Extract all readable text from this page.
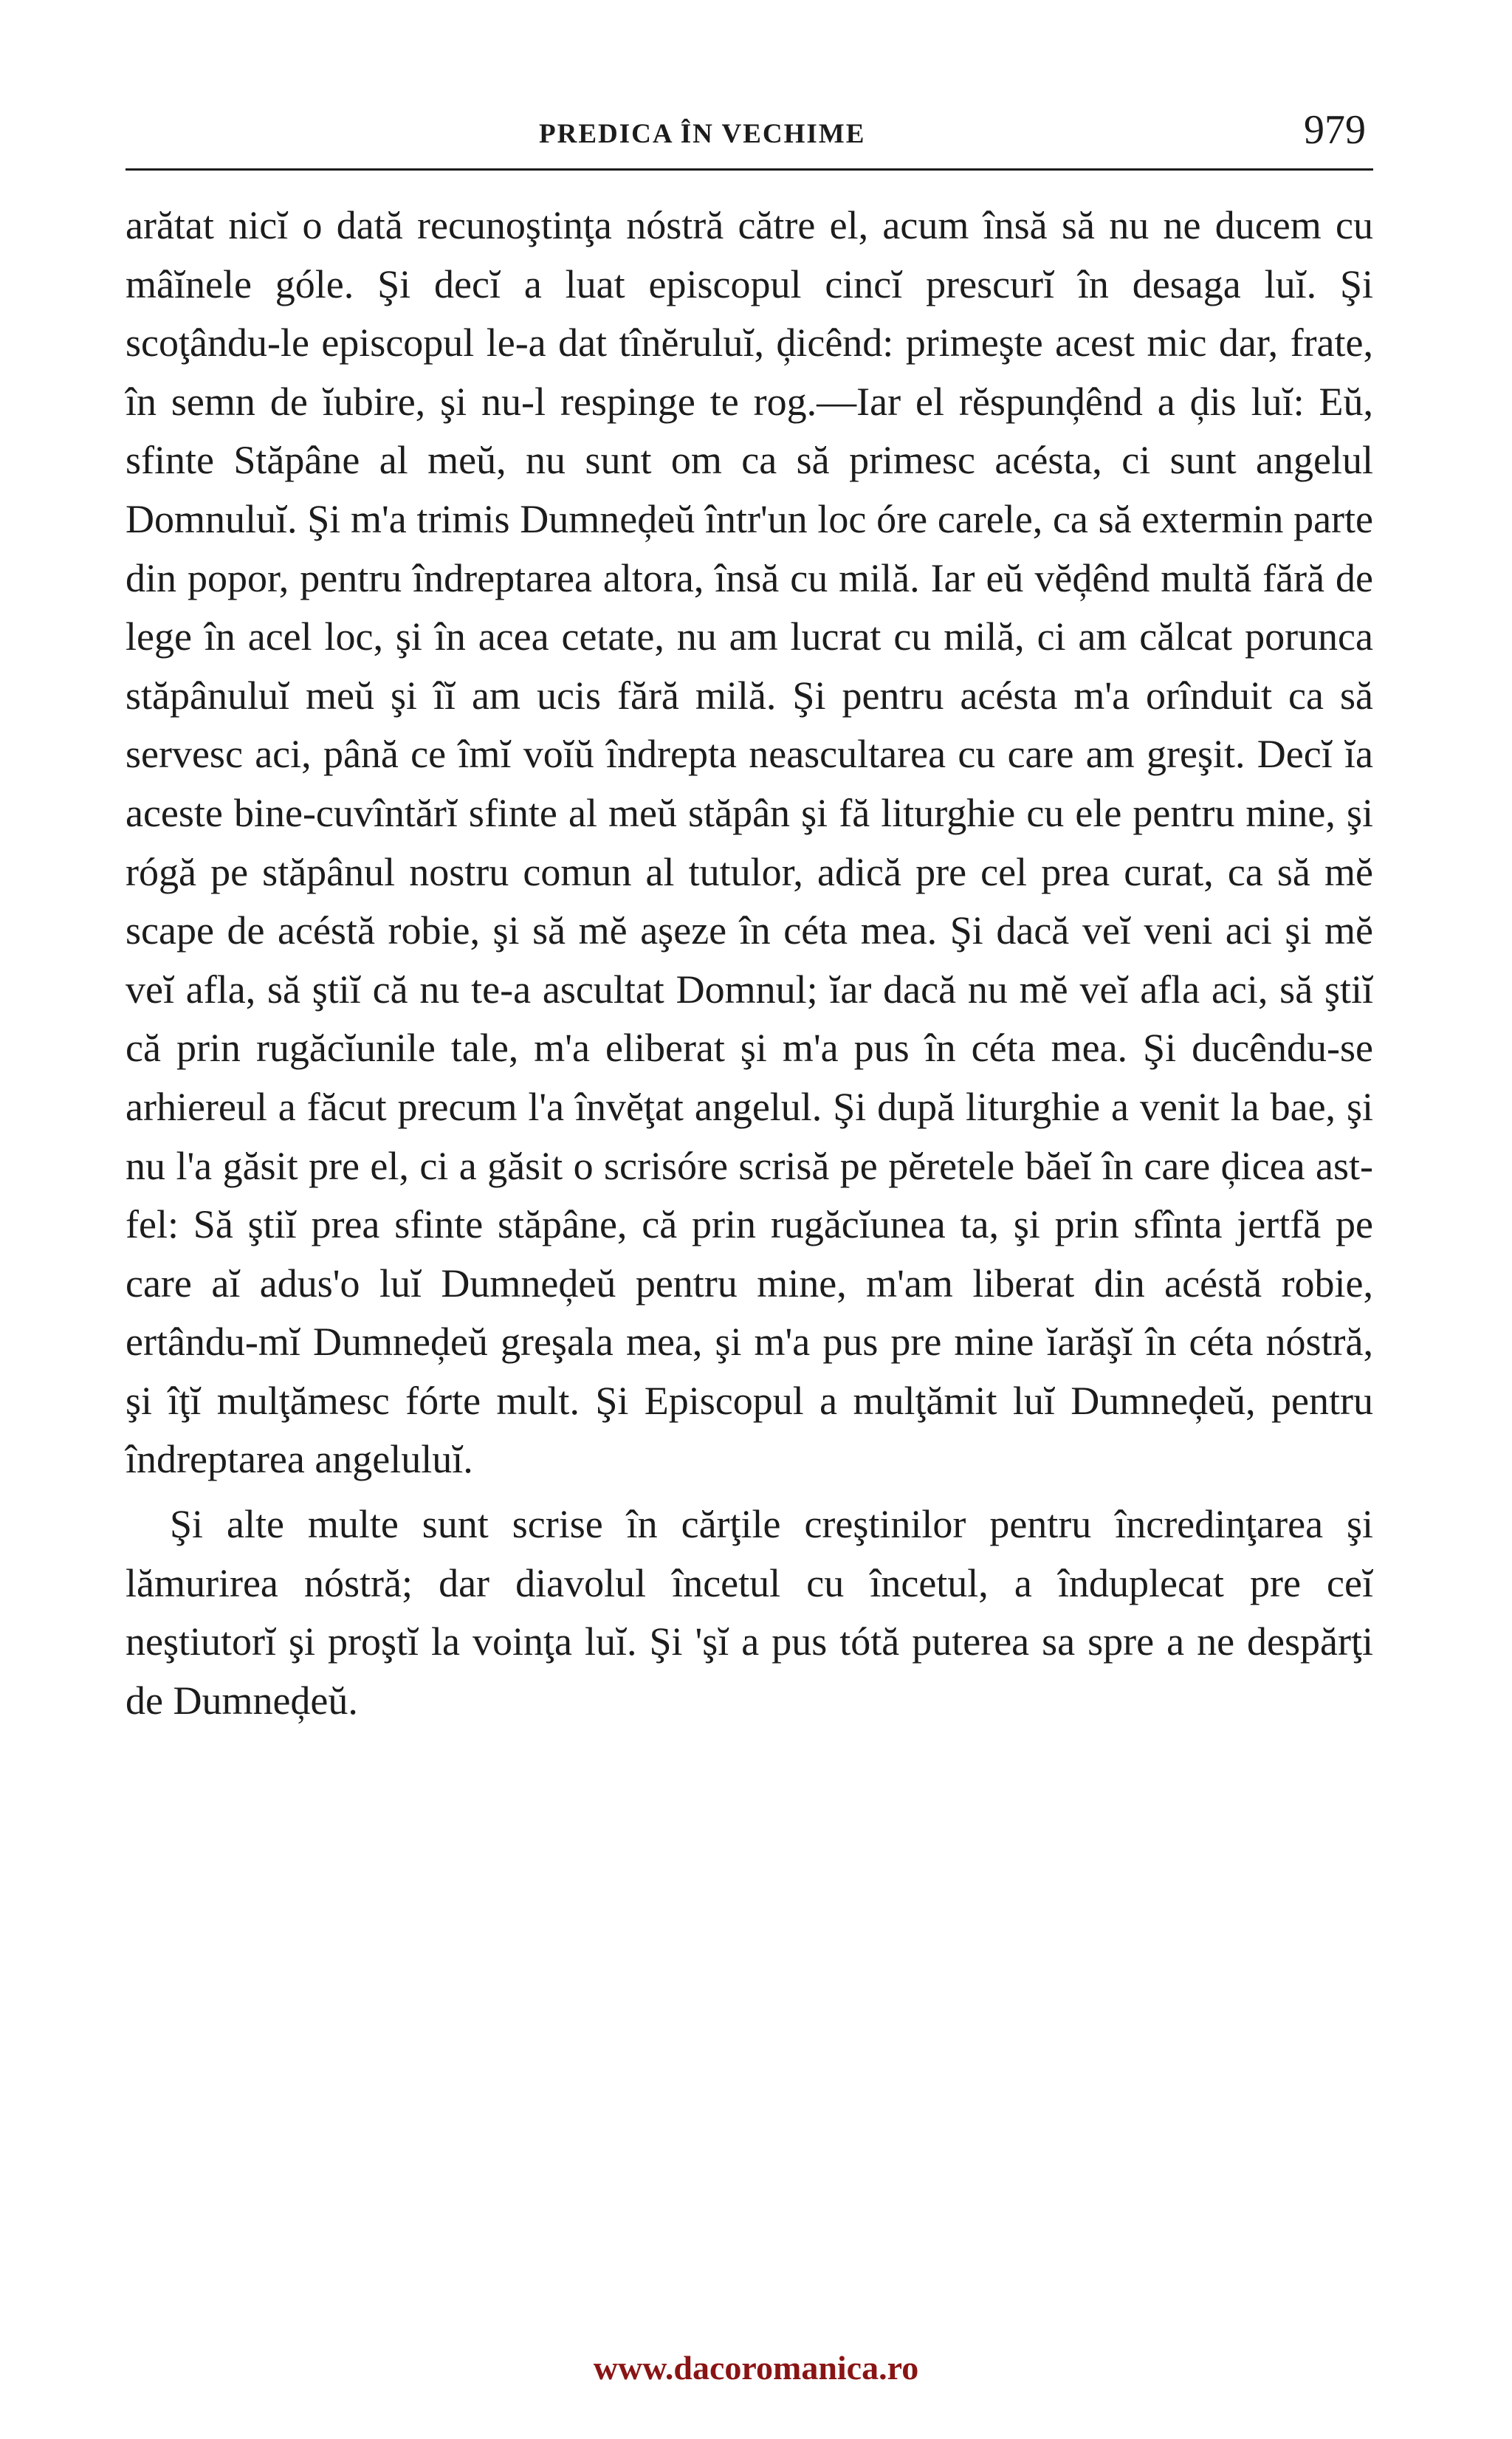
PREDICA ÎN VECHIME	979

arătat nicĭ o dată recunoştinţa nóstră către el, acum însă să nu ne ducem cu mâĭnele góle. Şi decĭ a luat episcopul cincĭ prescurĭ în desaga luĭ. Şi scoţându-le episcopul le-a dat tînĕruluĭ, ḑicênd: primeşte acest mic dar, frate, în semn de ĭubire, şi nu-l respinge te rog.—Iar el rĕspunḑênd a ḑis luĭ: Eŭ, sfinte Stăpâne al meŭ, nu sunt om ca să primesc acésta, ci sunt angelul Domnuluĭ. Şi m'a trimis Dumneḑeŭ într'un loc óre carele, ca să extermin parte din popor, pentru îndreptarea altora, însă cu milă. Iar eŭ vĕḑênd multă fără de lege în acel loc, şi în acea cetate, nu am lucrat cu milă, ci am călcat porunca stăpânuluĭ meŭ şi îĭ am ucis fără milă. Şi pentru acésta m'a orînduit ca să servesc aci, până ce îmĭ voĭŭ îndrepta neascultarea cu care am greşit. Decĭ ĭa aceste bine-cuvîntărĭ sfinte al meŭ stăpân şi fă liturghie cu ele pentru mine, şi rógă pe stăpânul nostru comun al tutulor, adică pre cel prea curat, ca să mĕ scape de acéstă robie, şi să mĕ aşeze în céta mea. Şi dacă veĭ veni aci şi mĕ veĭ afla, să ştiĭ că nu te-a ascultat Domnul; ĭar dacă nu mĕ veĭ afla aci, să ştiĭ că prin rugăcĭunile tale, m'a eliberat şi m'a pus în céta mea. Şi ducêndu-se arhiereul a făcut precum l'a învĕţat angelul. Şi după liturghie a venit la bae, şi nu l'a găsit pre el, ci a găsit o scrisóre scrisă pe pĕretele băeĭ în care ḑicea ast-fel: Să ştiĭ prea sfinte stăpâne, că prin rugăcĭunea ta, şi prin sfînta jertfă pe care aĭ adus'o luĭ Dumneḑeŭ pentru mine, m'am liberat din acéstă robie, ertându-mĭ Dumneḑeŭ greşala mea, şi m'a pus pre mine ĭarăşĭ în céta nóstră, şi îţĭ mulţămesc fórte mult. Şi Episcopul a mulţămit luĭ Dumneḑeŭ, pentru îndreptarea angeluluĭ.

Şi alte multe sunt scrise în cărţile creştinilor pentru încredinţarea şi lămurirea nóstră; dar diavolul încetul cu încetul, a înduplecat pre ceĭ neştiutorĭ şi proştĭ la voinţa luĭ. Şi 'şĭ a pus tótă puterea sa spre a ne despărţi de Dumneḑeŭ.

www.dacoromanica.ro
